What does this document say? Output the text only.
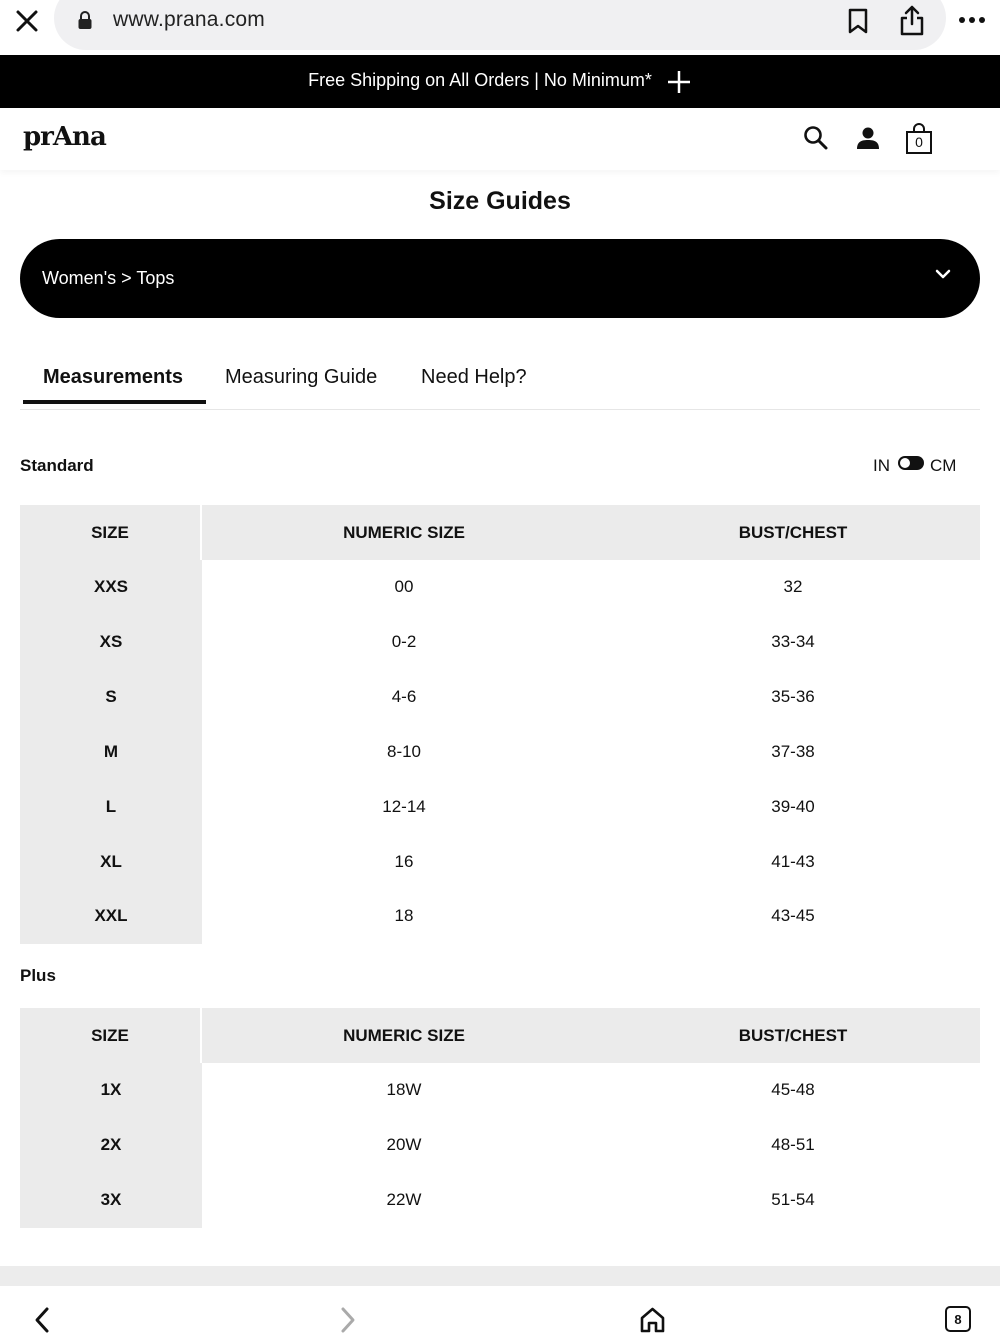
www.prana.com
Free Shipping on All Orders | No Minimum*
prAna	0
Size Guides
Women's > Tops
Measurements Measuring Guide Need Help?
Standard	IN CM
SIZE	NUMERIC SIZE	BUST/CHEST
XXS	00	32
XS	0-2	33-34
S	4-6	35-36
M	8-10	37-38
L	12-14	39-40
XL	16	41-43
XXL	18	43-45
Plus
SIZE	NUMERIC SIZE	BUST/CHEST
1X	18W	45-48
2X	20W	48-51
3X	22W	51-54
8
